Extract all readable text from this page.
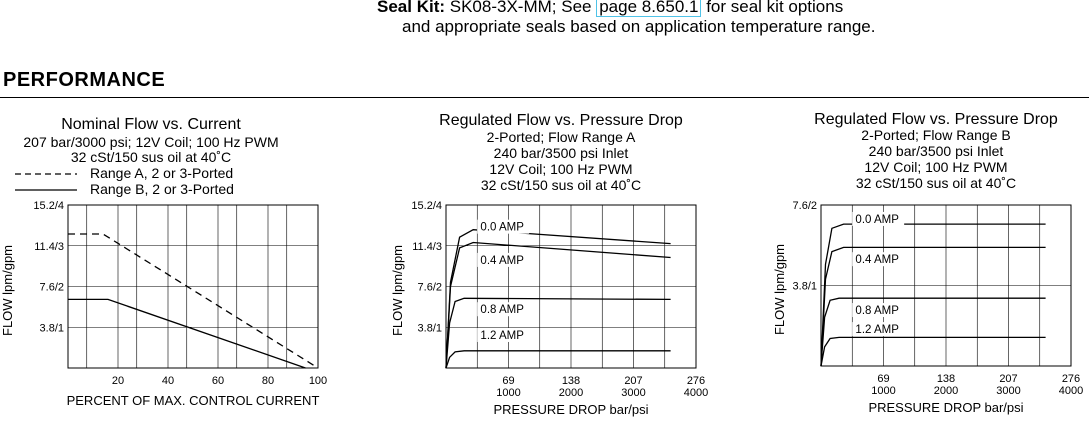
Seal Kit: SK08-3X-MM; See page 8.650.1 for seal kit options
and appropriate seals based on application temperature range.
PERFORMANCE
Nominal Flow vs. Current
207 bar/3000 psi; 12V Coil; 100 Hz PWM
32 cSt/150 sus oil at 40˚C
Range A, 2 or 3-Ported
Range B, 2 or 3-Ported
3.8/1
7.6/2
11.4/3
15.2/4
20	40	60	80	100
PERCENT OF MAX. CONTROL CURRENT
FLOW lpm/gpm
Regulated Flow vs. Pressure Drop
2-Ported; Flow Range A
240 bar/3500 psi Inlet
12V Coil; 100 Hz PWM
32 cSt/150 sus oil at 40˚C
3.8/1
7.6/2
11.4/3
15.2/4
69
1000
138
2000
207
3000
276
4000
PRESSURE DROP bar/psi
FLOW lpm/gpm
0.0 AMP
0.4 AMP
0.8 AMP
1.2 AMP
Regulated Flow vs. Pressure Drop
2-Ported; Flow Range B
240 bar/3500 psi Inlet
12V Coil; 100 Hz PWM
32 cSt/150 sus oil at 40˚C
3.8/1
7.6/2
69
1000
138
2000
207
3000
276
4000
PRESSURE DROP bar/psi
FLOW lpm/gpm
0.0 AMP
0.4 AMP
0.8 AMP
1.2 AMP
